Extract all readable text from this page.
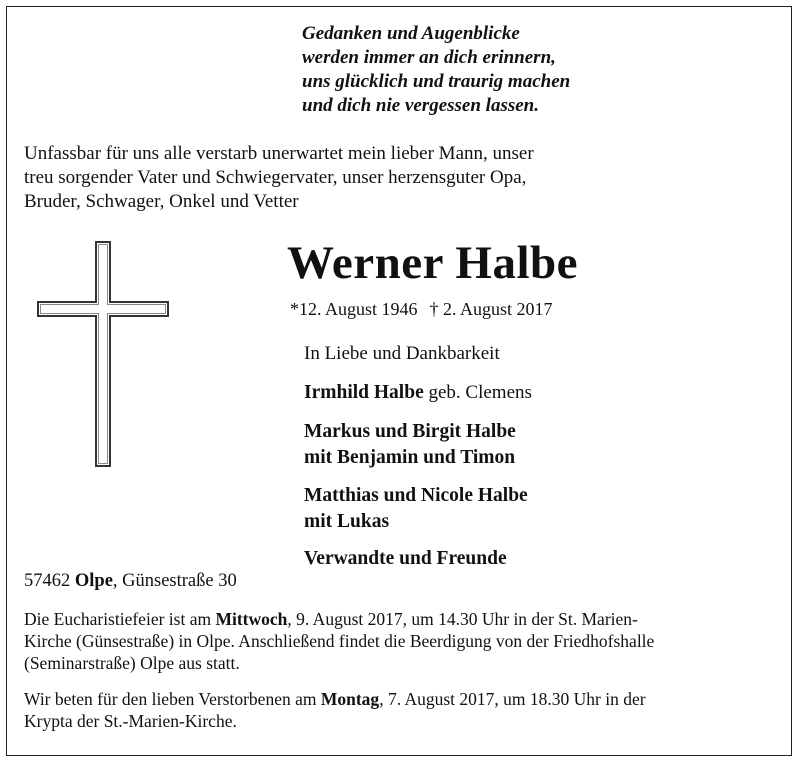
Gedanken und Augenblicke
werden immer an dich erinnern,
uns glücklich und traurig machen
und dich nie vergessen lassen.
Unfassbar für uns alle verstarb unerwartet mein lieber Mann, unser
treu sorgender Vater und Schwiegervater, unser herzensguter Opa,
Bruder, Schwager, Onkel und Vetter
Werner Halbe
*12. August 1946 † 2. August 2017
In Liebe und Dankbarkeit
Irmhild Halbe geb. Clemens
Markus und Birgit Halbe
mit Benjamin und Timon
Matthias und Nicole Halbe
mit Lukas
Verwandte und Freunde
57462 Olpe, Günsestraße 30
Die Eucharistiefeier ist am Mittwoch, 9. August 2017, um 14.30 Uhr in der St. Marien-
Kirche (Günsestraße) in Olpe. Anschließend findet die Beerdigung von der Friedhofshalle
(Seminarstraße) Olpe aus statt.
Wir beten für den lieben Verstorbenen am Montag, 7. August 2017, um 18.30 Uhr in der
Krypta der St.-Marien-Kirche.
